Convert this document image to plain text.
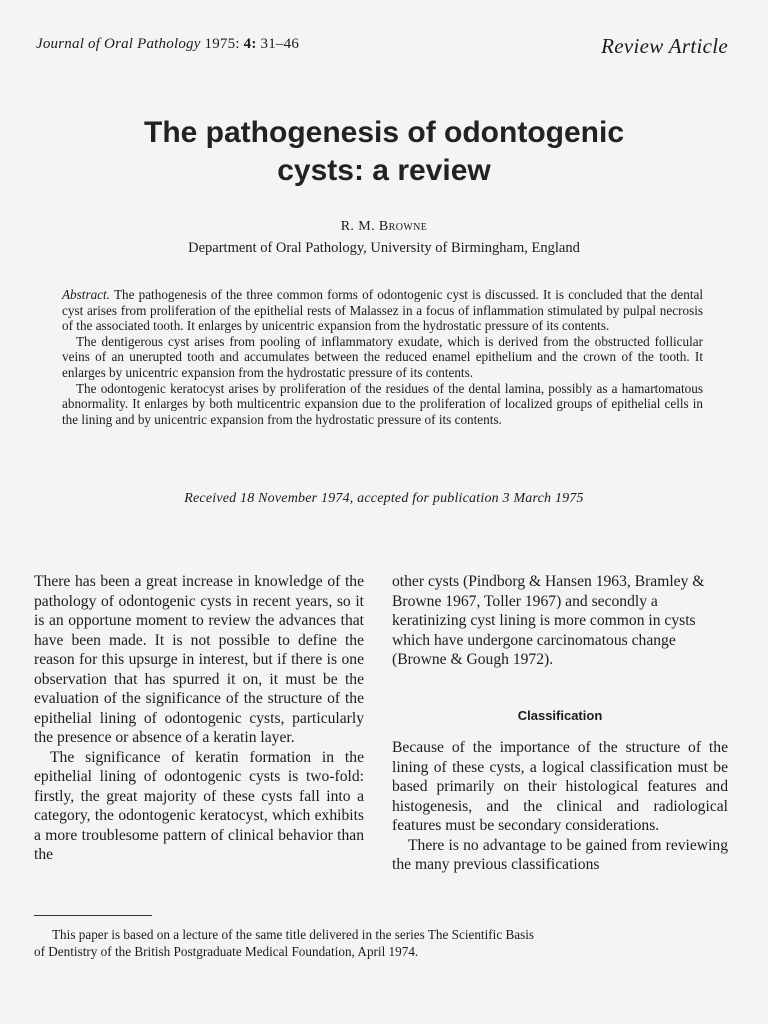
Journal of Oral Pathology 1975: 4: 31–46	Review Article
The pathogenesis of odontogenic
cysts: a review
R. M. Browne
Department of Oral Pathology, University of Birmingham, England

Abstract. The pathogenesis of the three common forms of odontogenic cyst is discussed. It is concluded that the dental cyst arises from proliferation of the epithelial rests of Malassez in a focus of inflammation stimulated by pulpal necrosis of the associated tooth. It enlarges by unicentric expansion from the hydrostatic pressure of its contents.

The dentigerous cyst arises from pooling of inflammatory exudate, which is derived from the obstructed follicular veins of an unerupted tooth and accumulates between the reduced enamel epithelium and the crown of the tooth. It enlarges by unicentric expansion from the hydrostatic pressure of its contents.

The odontogenic keratocyst arises by proliferation of the residues of the dental lamina, possibly as a hamartomatous abnormality. It enlarges by both multicentric expansion due to the proliferation of localized groups of epithelial cells in the lining and by unicentric expansion from the hydrostatic pressure of its contents.

Received 18 November 1974, accepted for publication 3 March 1975

There has been a great increase in knowledge of the pathology of odontogenic cysts in recent years, so it is an opportune moment to review the advances that have been made. It is not possible to define the reason for this upsurge in interest, but if there is one observation that has spurred it on, it must be the evaluation of the significance of the structure of the epithelial lining of odontogenic cysts, particularly the presence or absence of a keratin layer.

The significance of keratin formation in the epithelial lining of odontogenic cysts is two-fold: firstly, the great majority of these cysts fall into a category, the odontogenic keratocyst, which exhibits a more troublesome pattern of clinical behavior than the

other cysts (Pindborg & Hansen 1963, Bramley & Browne 1967, Toller 1967) and secondly a keratinizing cyst lining is more common in cysts which have undergone carcinomatous change (Browne & Gough 1972).

Classification

Because of the importance of the structure of the lining of these cysts, a logical classification must be based primarily on their histological features and histogenesis, and the clinical and radiological features must be secondary considerations.

There is no advantage to be gained from reviewing the many previous classifications

This paper is based on a lecture of the same title delivered in the series The Scientific Basis
of Dentistry of the British Postgraduate Medical Foundation, April 1974.
